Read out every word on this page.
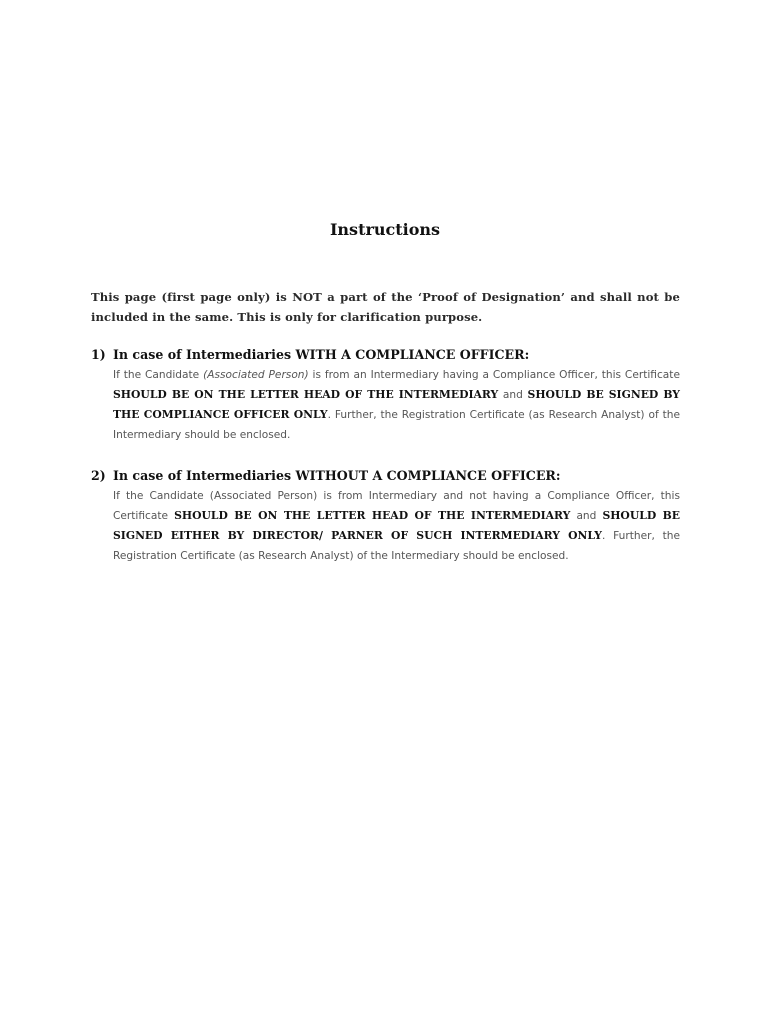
Instructions
This page (first page only) is NOT a part of the ‘Proof of Designation’ and shall not be included in the same. This is only for clarification purpose.
1) In case of Intermediaries WITH A COMPLIANCE OFFICER:
If the Candidate (Associated Person) is from an Intermediary having a Compliance Officer, this Certificate SHOULD BE ON THE LETTER HEAD OF THE INTERMEDIARY and SHOULD BE SIGNED BY THE COMPLIANCE OFFICER ONLY. Further, the Registration Certificate (as Research Analyst) of the Intermediary should be enclosed.
2) In case of Intermediaries WITHOUT A COMPLIANCE OFFICER:
If the Candidate (Associated Person) is from Intermediary and not having a Compliance Officer, this Certificate SHOULD BE ON THE LETTER HEAD OF THE INTERMEDIARY and SHOULD BE SIGNED EITHER BY DIRECTOR/ PARNER OF SUCH INTERMEDIARY ONLY. Further, the Registration Certificate (as Research Analyst) of the Intermediary should be enclosed.
